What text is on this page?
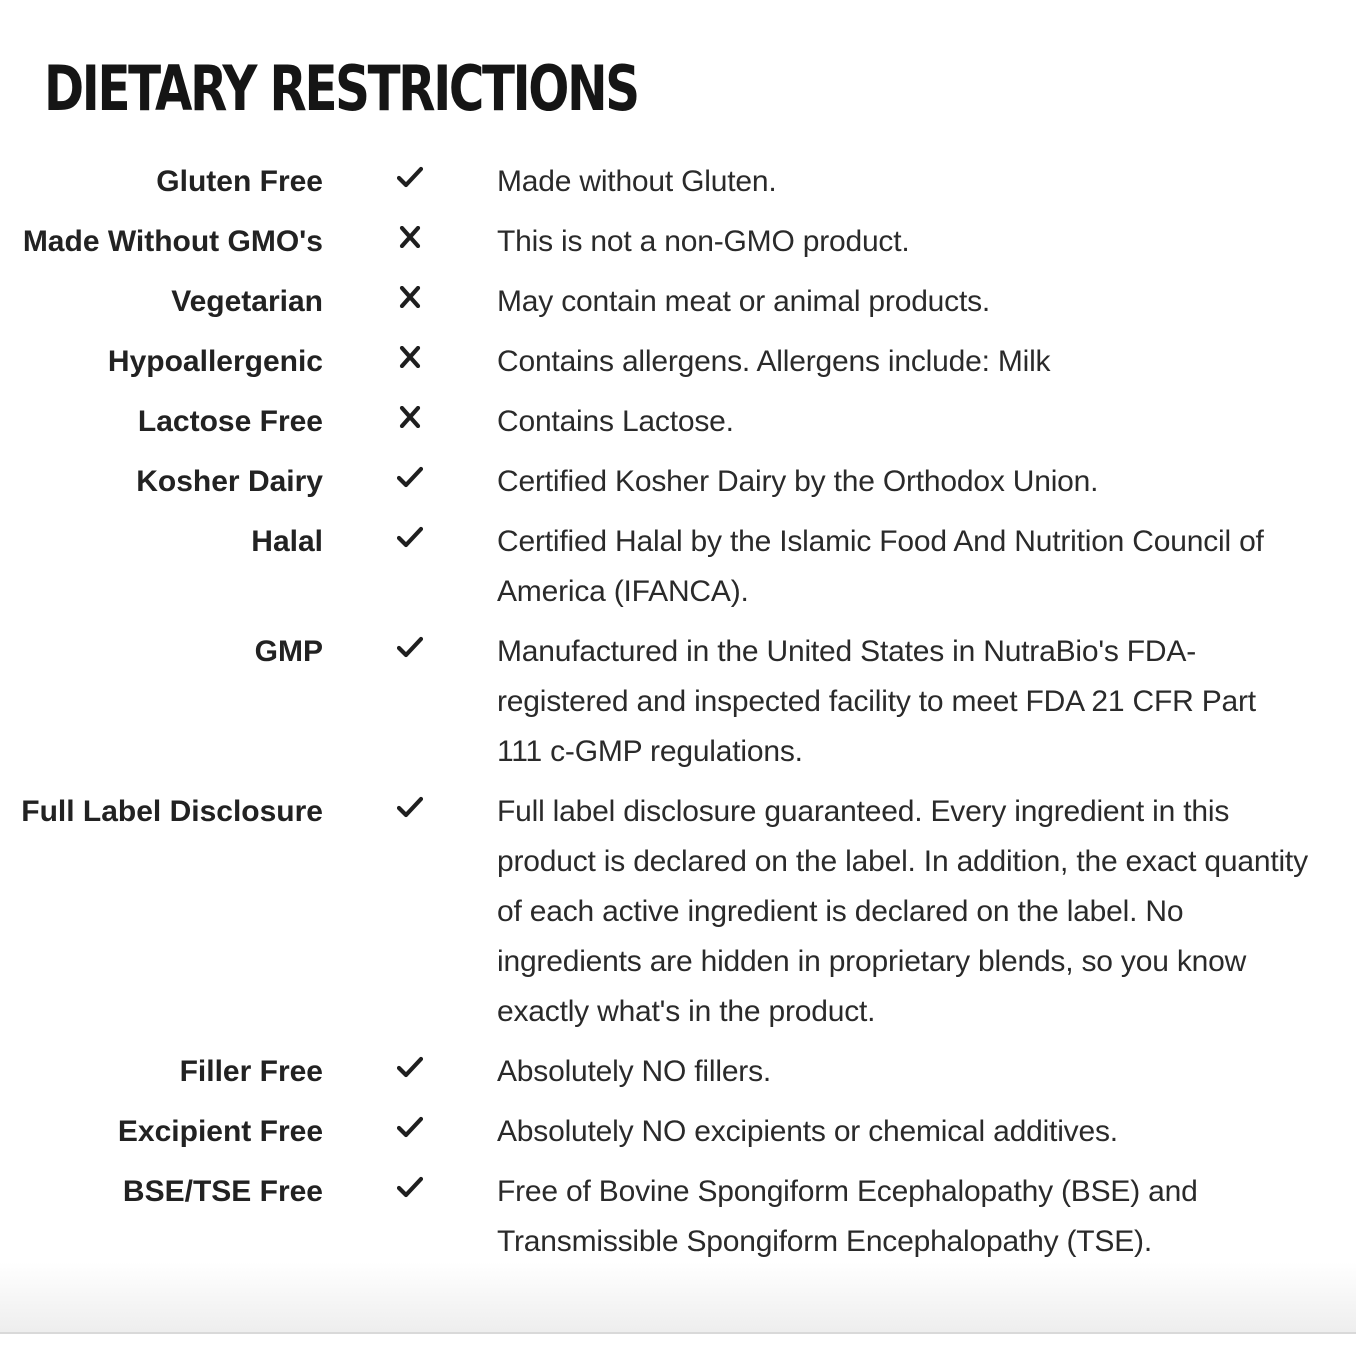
DIETARY RESTRICTIONS
Gluten Free	Made without Gluten.
Made Without GMO's	This is not a non-GMO product.
Vegetarian	May contain meat or animal products.
Hypoallergenic	Contains allergens. Allergens include: Milk
Lactose Free	Contains Lactose.
Kosher Dairy	Certified Kosher Dairy by the Orthodox Union.
Halal	Certified Halal by the Islamic Food And Nutrition Council of America (IFANCA).
GMP	Manufactured in the United States in NutraBio's FDA-registered and inspected facility to meet FDA 21 CFR Part 111 c-GMP regulations.
Full Label Disclosure	Full label disclosure guaranteed. Every ingredient in this product is declared on the label. In addition, the exact quantity of each active ingredient is declared on the label. No ingredients are hidden in proprietary blends, so you know exactly what's in the product.
Filler Free	Absolutely NO fillers.
Excipient Free	Absolutely NO excipients or chemical additives.
BSE/TSE Free	Free of Bovine Spongiform Ecephalopathy (BSE) and Transmissible Spongiform Encephalopathy (TSE).
